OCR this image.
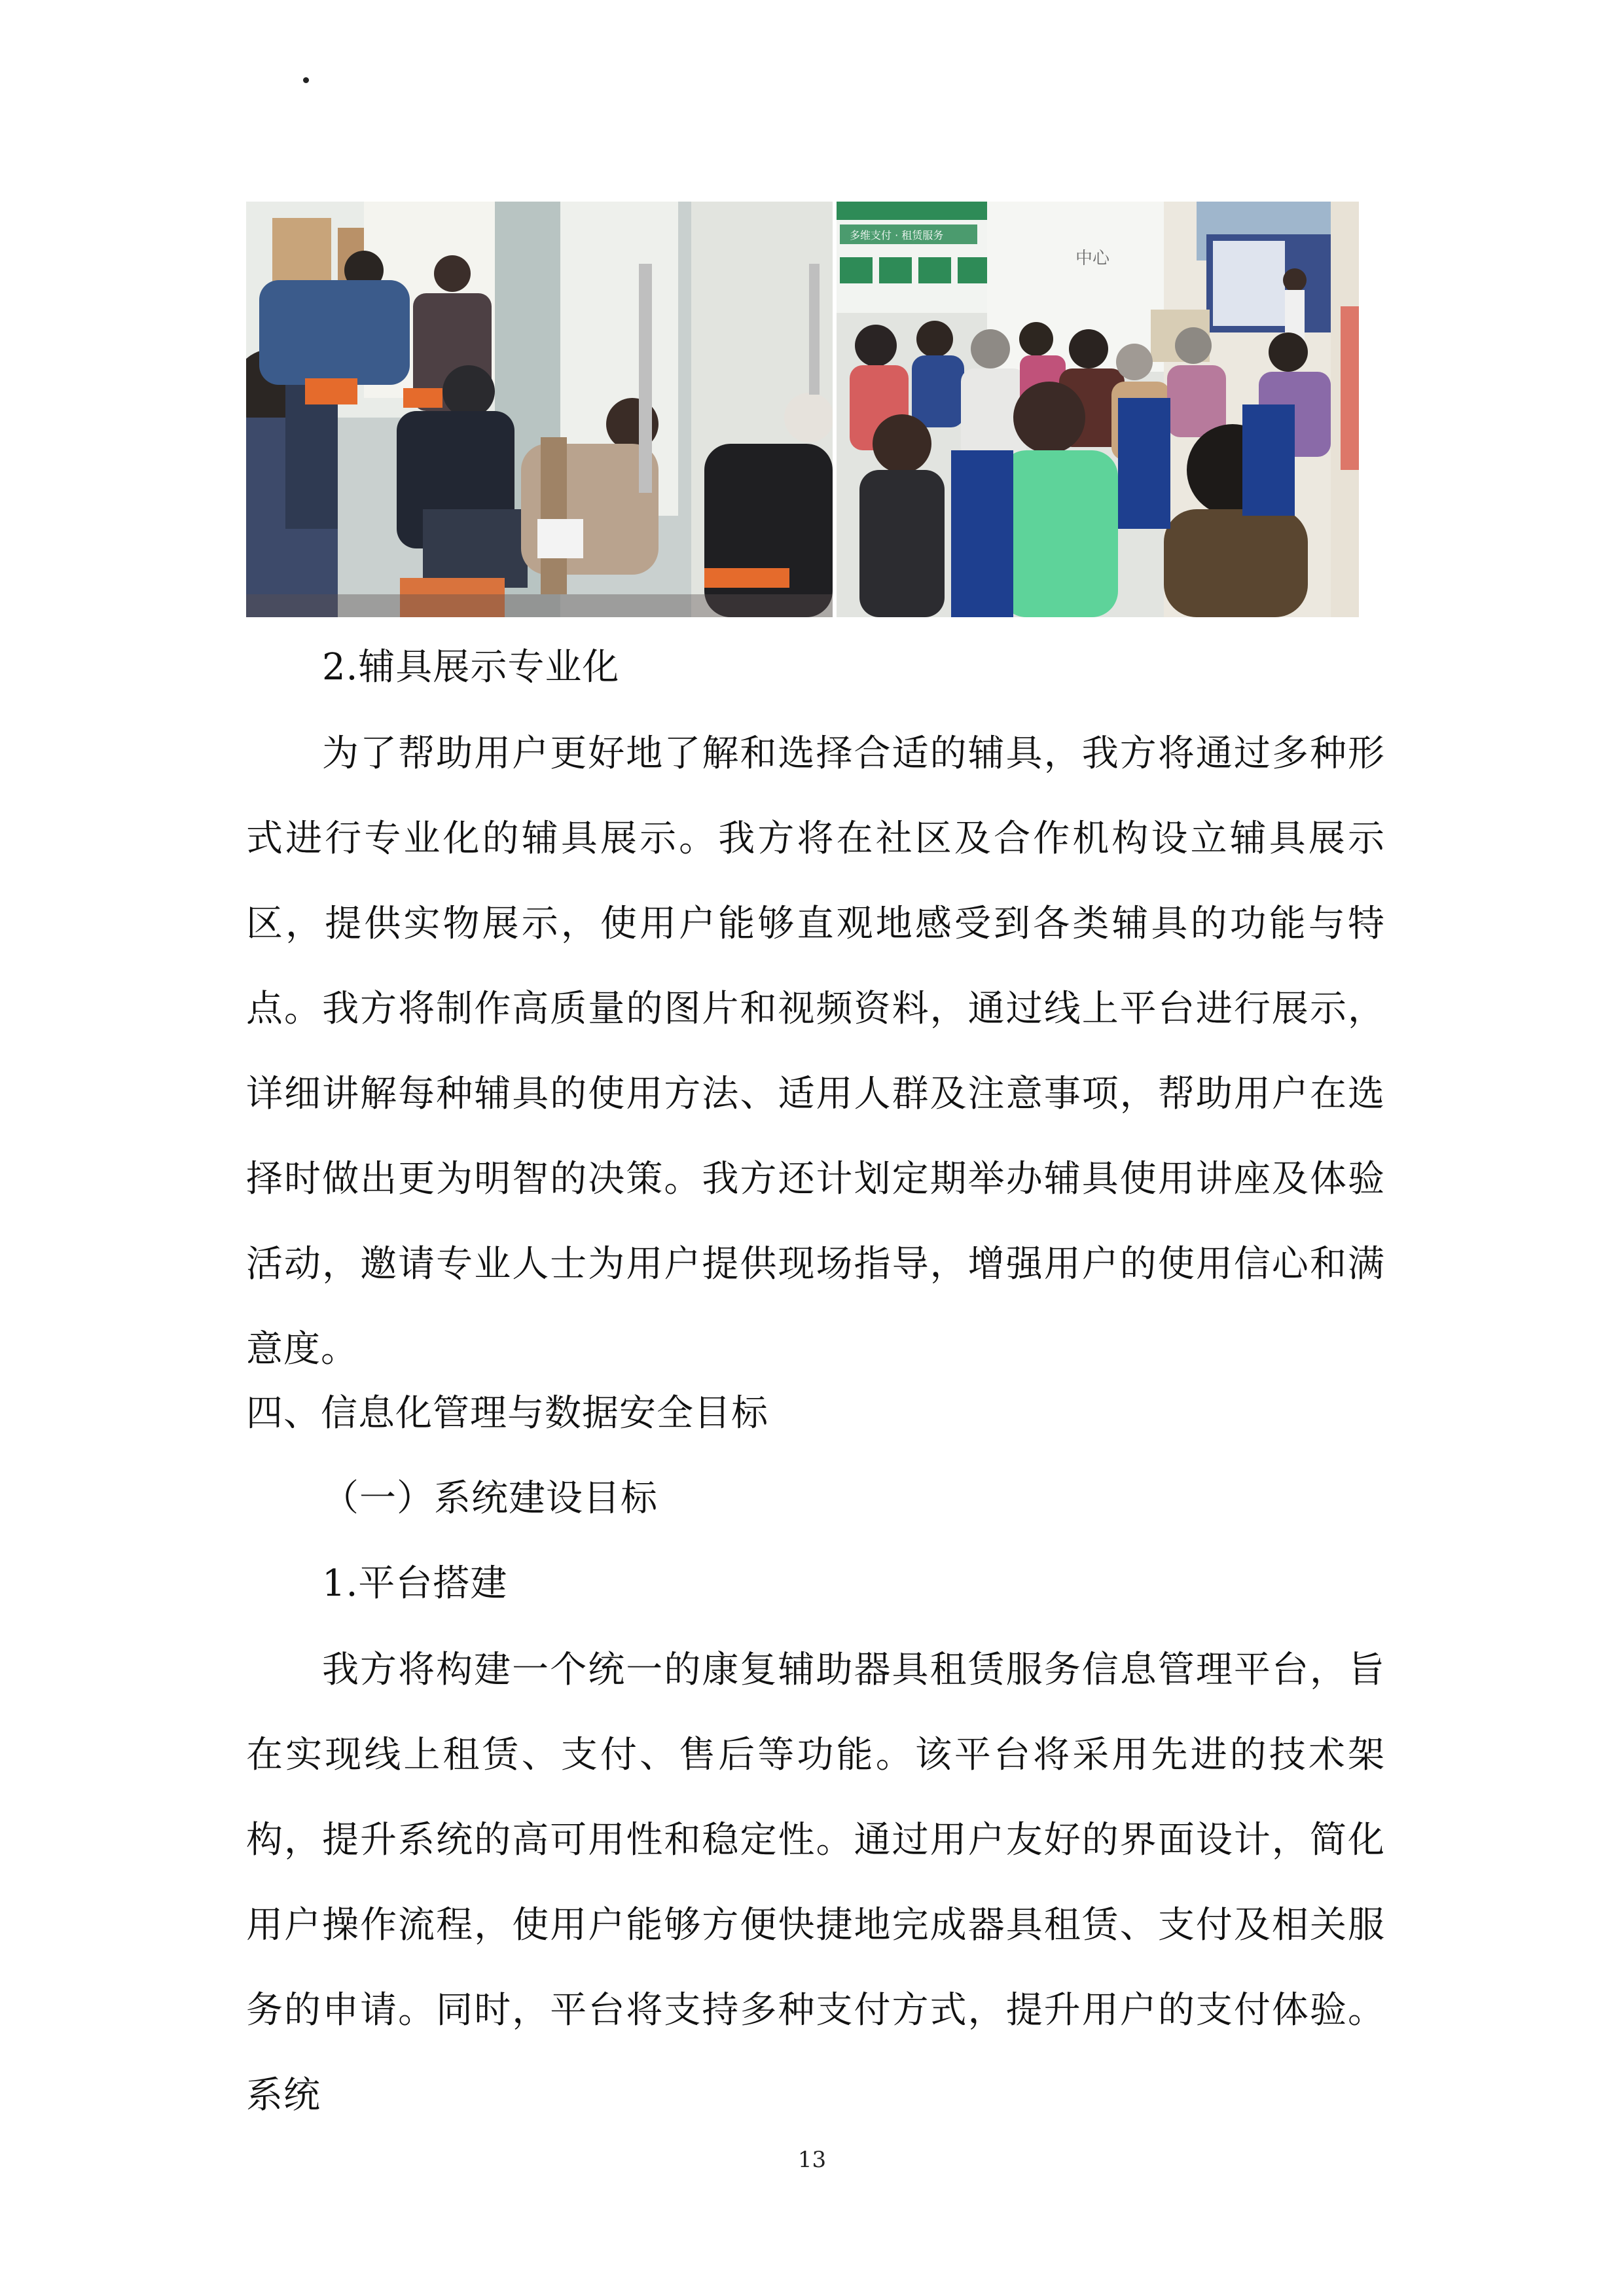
多维支付 · 租赁服务
中心
2.辅具展示专业化
为了帮助用户更好地了解和选择合适的辅具，我方将通过多种形式进行专业化的辅具展示。我方将在社区及合作机构设立辅具展示区，提供实物展示，使用户能够直观地感受到各类辅具的功能与特点。我方将制作高质量的图片和视频资料，通过线上平台进行展示，详细讲解每种辅具的使用方法、适用人群及注意事项，帮助用户在选择时做出更为明智的决策。我方还计划定期举办辅具使用讲座及体验活动，邀请专业人士为用户提供现场指导，增强用户的使用信心和满意度。
四、信息化管理与数据安全目标
（一）系统建设目标
1.平台搭建
我方将构建一个统一的康复辅助器具租赁服务信息管理平台，旨在实现线上租赁、支付、售后等功能。该平台将采用先进的技术架构，提升系统的高可用性和稳定性。通过用户友好的界面设计，简化用户操作流程，使用户能够方便快捷地完成器具租赁、支付及相关服务的申请。同时，平台将支持多种支付方式，提升用户的支付体验。系统
13
